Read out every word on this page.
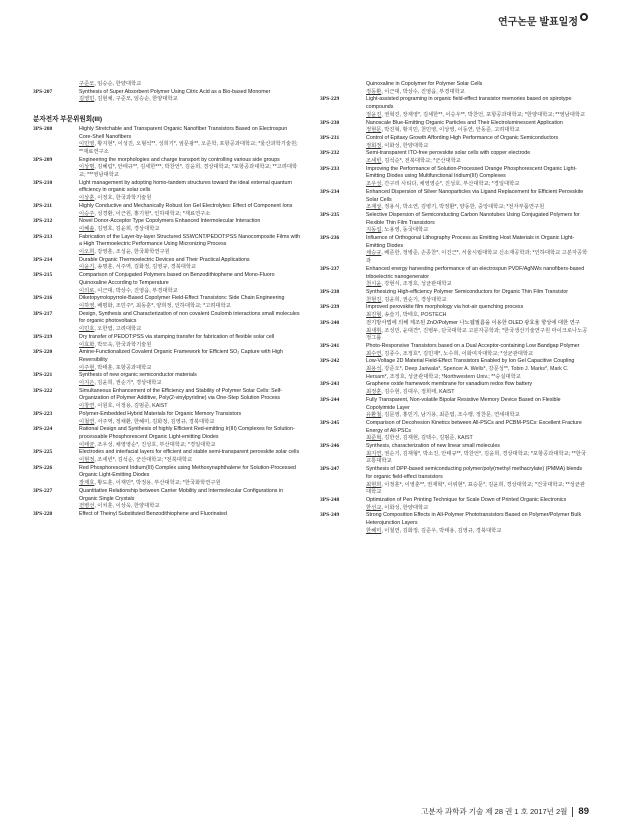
연구논문 발표일정
구준모, 임승순, 한양대학교
3PS-207	Synthesis of Super Absorbent Polymer Using Citric Acid as a Bio-based Monomer
김영민, 김현채, 구준모, 임승순, 한양대학교
분자전자 부문위원회(III)
3PS-208	Highly Stretchable and Transparent Organic Nanofiber Transistors Based on Electrospun Core-Shell Nanofibers
이민영, 황지현*, 이성진, 오형석**, 성희기*, 엄문광**, 오준학, 포항공과대학교; *울산과학기술원; **재료연구소
3PS-209	Engineering the morphologies and charge transport by controlling various side groups
이상명, 김혜림*, 안태규**, 김세한***, 박찬언*, 김윤희, 경상대학교; *포항공과대학교; **고려대학교; ***영남대학교
3PS-210	Light management by adopting homo-tandem structures toward the ideal external quantum efficiency in organic solar cells
이상훈, 이정호, 한국과학기술원
3PS-211	Highly Conductive and Mechanically Robust Ion Gel Electrolytes: Effect of Component Ions
이승주, 성경환, 이근원, 홍기현*, 인하대학교; *재료연구소
3PS-212	Novel Donor-Acceptor Type Copolymers Enhanced Intermolecular Interaction
이혜솔, 김영호, 김윤희, 경상대학교
3PS-213	Fabrication of the Layer-by-layer Structured SSWCNT/PEDOT:PSS Nanocomposite Films with a High Thermoelectric Performance Using Micronizing Process
이오희, 강영훈, 조성윤, 한국화학연구원
3PS-214	Durable Organic Thermoelectric Devices and Their Practical Applications
이윤기, 송명훈, 서주역, 김화정, 김영규, 경북대학교
3PS-215	Comparison of Conjugated Polymers based on Benzodithiophene and Mono-Fluoro Quinoxaline According to Temperature
이의로, 이근대, 박상수, 진영읍, 부경대학교
3PS-216	Diketopyrrolopyrrole-Based Copolymer Field-Effect Transistors: Side Chain Engineering
이하영, 배평화, 조민주*, 최동훈*, 양희정, 인하대학교; *고려대학교
3PS-217	Design, Synthesis and Characterization of non covalent Coulomb interactions small molecules for organic photovoltaics
이민호, 오한엽, 고려대학교
3PS-219	Dry transfer of PEDOT:PSS via stamping transfer for fabrication of flexible solar cell
이효화, 박모욱, 한국과학기술원
3PS-220	Amine-Functionalized Covalent Organic Framework for Efficient SO₂ Capture with High Reversibility
이주현, 박태훈, 포항공과대학교
3PS-221	Synthesis of new organic semiconductor materials
이지은, 김윤희, 권순기*, 경상대학교
3PS-222	Simultaneous Enhancement of the Efficiency and Stability of Polymer Solar Cells: Self-Organization of Polymer Additive, Poly(2-vinylpyridine) via One-Step Solution Process
이창연, 이원호, 이정용, 김범준, KAIST
3PS-223	Polymer-Embedded Hybrid Materials for Organic Memory Transistors
이철연, 서주역, 정채환, 한혜미, 김화정, 김영규, 경북대학교
3PS-224	Rational Design and Synthesis of highly Efficient Red-emitting Ir(III) Complexes for Solution-processable Phosphorescent Organic Light-emitting Diodes
이태균, 조우성, 채영영순*, 진성호, 부산대학교; *경일대학교
3PS-225	Electrodes and interfacial layers for efficient and stable semi-transparent perovskite solar cells
이현정, 조세빈*, 김석순, 군산대학교; *전북대학교
3PS-226	Red Phosphorescent Iridium(III) Complex using Methoxynaphthalene for Solution-Processed Organic Light-Emitting Diodes
장재호, 황도훈, 이재민*, 박정용, 부산대학교; *한국화학연구원
3PS-227	Quantitative Relationship between Carrier Mobility and Intermolecular Configurations in Organic Single Crystals
전병선, 이치훈, 이상욱, 한양대학교
3PS-228	Effect of Theinyl Substituted Benzodithiophene and Fluorinated
Quinoxaline in Copolymer for Polymer Solar Cells
정동환, 이근대, 박상수, 진영읍, 부경대학교
3PS-229	Light-assisted programing in organic field-effect transistor memories based on spirotype compounds
정윤진, 권혁진, 장재영*, 김세한**, 이승우**, 박찬언, 포항공과대학교; *한양대학교; **영남대학교
3PS-230	Nanoscale Blue-Emitting Organic Particles and Their Electroluminescent Application
정현문, 박진혁, 황지민, 천민영, 이상영, 이동연, 안동준, 고려대학교
3PS-231	Control of Epitaxy Growth Affording High Performance of Organic Semiconductors
정회정, 이화성, 한양대학교
3PS-232	Semi-transparent ITO-free perovskite solar cells with copper electrode
조세빈, 김석순*, 전북대학교; *군산대학교
3PS-233	Improving the Performance of Solution-Processed Orange Phosphorescent Organic Light-Emitting Diodes using Multifunctional Iridium(III) Complexes
조우성, 간구리 사티다, 채영영순*, 진성호, 부산대학교; *경일대학교
3PS-234	Enhanced Dispersion of Silver Nanoparticles via Ligand Replacement for Efficient Perovskite Solar Cells
조재상, 정용식, 박소연, 김병기, 박정환*, 양동한, 중앙대학교; *전자부품연구원
3PS-235	Selective Dispersion of Semiconducting Carbon Nanotubes Using Conjugated Polymers for Flexible Thin Film Transistors
지동섭, 노용영, 동국대학교
3PS-236	Influence of Orthogonal Lithography Process as Emitting Host Materials in Organic Light-Emitting Diodes
채승규, 배준한, 정병준, 손종찬*, 이진근*, 서울시립대학교 신소재공학과; *인하대학교 고분자공학과
3PS-237	Enhanced energy harvesting performance of an electrospun PVDF/AgNWs nanofibers-based triboelectric nanogenerator
천시윤, 강현식, 조정호, 성균관대학교
3PS-238	Synthesizing High-efficiency Polymer Semiconductors for Organic Thin Film Transistor
천현진, 김윤희, 권순기, 경상대학교
3PS-239	Improved perovskite film morphology via hot-air quenching process
최진형, 송슬기, 박태호, POSTECH
3PS-240	전기방사법에 의해 제조된 ZnO/Polymer 나노웹필름을 이용한 OLED 광효율 향상에 대한 연구
최새휘, 조성민, 윤대견*, 진병두, 단국대학교 고분자공학과; *한국생산기술연구원 마이크로나노공정그룹
3PS-241	Photo-Responsive Transistors based on a Dual Acceptor-containing Low Bandgap Polymer
최수연, 김종수, 조정호*, 김민재*, 노수희, 이화여자대학교; *성균관대학교
3PS-242	Low-Voltage 2D Material Field-Effect Transistors Enabled by Ion Gel Capacitive Coupling
최용석, 강준오*, Deep Jariwala*, Spencer A. Wells*, 강문성**, Tobin J. Marks*, Mark C. Hersam*, 조정호, 성균관대학교; *Northwestern Univ.; **숭실대학교
3PS-243	Graphene oxide framework membrane for vanadium redox flow battery
최정훈, 김수현, 김대우, 정희태, KAIST
3PS-244	Fully Transparent, Non-volatile Bipolar Resistive Memory Device Based on Flexible Copolyimide Layer
유환철, 김문영, 홍민기, 남기용, 최준엽, 조수행, 정찬문, 연세대학교
3PS-245	Comparison of Decohesion Kinetics between All-PSCs and PCBM-PSCs: Excellent Fracture Energy of All-PSCs
최준혁, 김한선, 김재현, 김택수, 김범준, KAIST
3PS-246	Synthesis, characterization of new linear small molecules
최지연, 권순기, 김재형*, 박소진, 안태규**, 박찬언*, 김윤희, 경상대학교; *포항공과대학교; **한국교통대학교
3PS-247	Synthesis of DPP-based semiconducting polymer/poly(methyl methacrylate) (PMMA) blends for organic field-effect transistors
최현희, 이정훈*, 이영훈**, 권재혁*, 이위현*, 표승문*, 김윤희, 경상대학교; *건국대학교; **성균관대학교
3PS-248	Optimization of Pen Printing Technique for Scale Down of Printed Organic Electronics
한선교, 이화성, 한양대학교
3PS-249	Strong Composition Effects in All-Polymer Phototransistors Based on Polymer/Polymer Bulk Heterojunction Layers
한혜미, 이철연, 김화정, 김준우, 박태용, 김영규, 경북대학교
고분자 과학과 기술 제 28 권 1 호 2017년 2월 89
